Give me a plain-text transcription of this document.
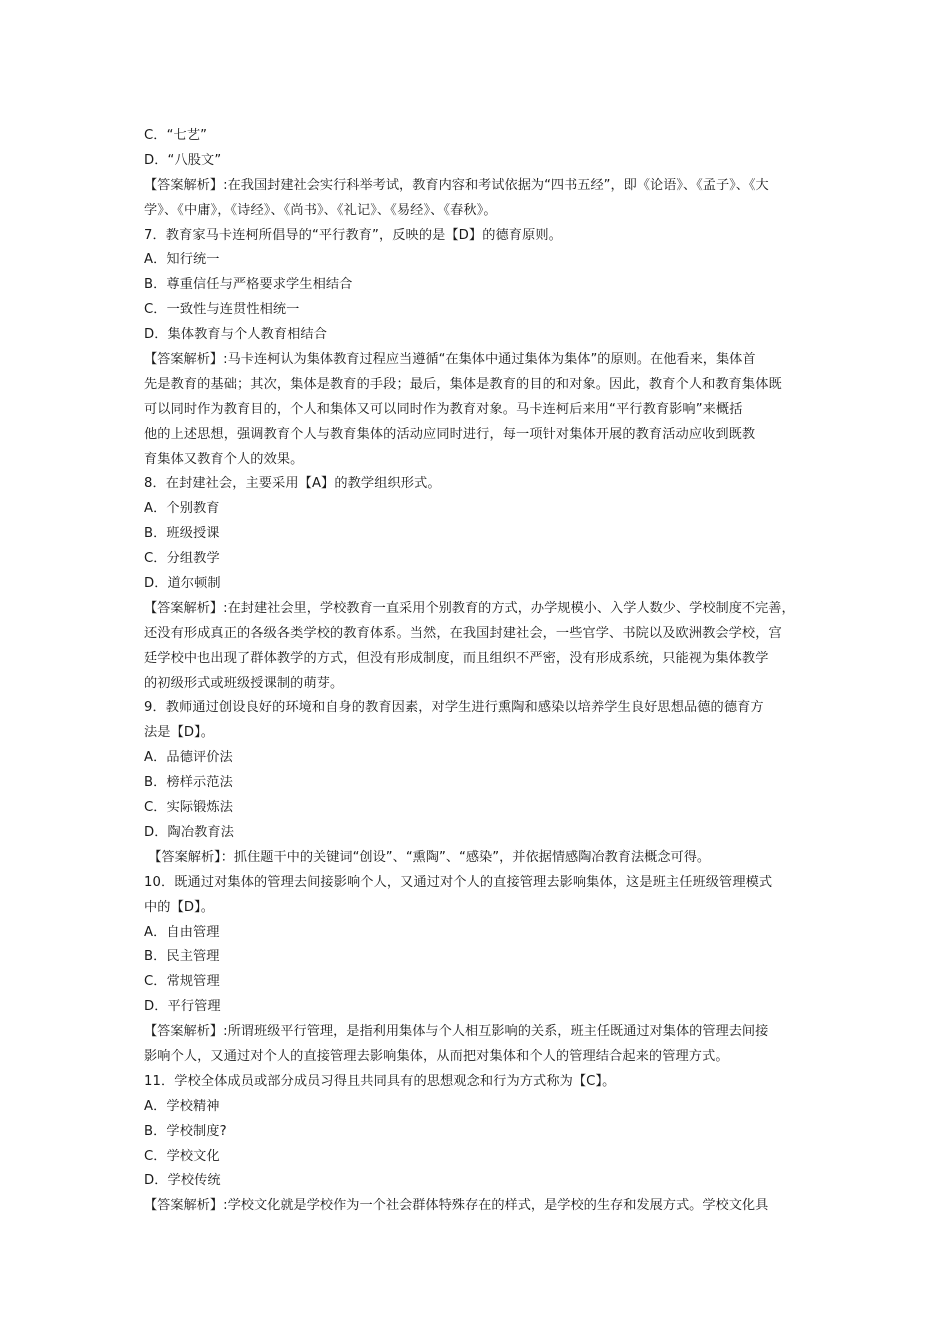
C．“七艺”
D．“八股文”
【答案解析】:在我国封建社会实行科举考试，教育内容和考试依据为“四书五经”，即《论语》、《孟子》、《大
学》、《中庸》，《诗经》、《尚书》、《礼记》、《易经》、《春秋》。
7．教育家马卡连柯所倡导的“平行教育”，反映的是【D】的德育原则。
A．知行统一
B．尊重信任与严格要求学生相结合
C．一致性与连贯性相统一
D．集体教育与个人教育相结合
【答案解析】:马卡连柯认为集体教育过程应当遵循“在集体中通过集体为集体”的原则。在他看来，集体首
先是教育的基础；其次，集体是教育的手段；最后，集体是教育的目的和对象。因此，教育个人和教育集体既
可以同时作为教育目的，个人和集体又可以同时作为教育对象。马卡连柯后来用“平行教育影响”来概括
他的上述思想，强调教育个人与教育集体的活动应同时进行，每一项针对集体开展的教育活动应收到既教
育集体又教育个人的效果。
8．在封建社会，主要采用【A】的教学组织形式。
A．个别教育
B．班级授课
C．分组教学
D．道尔顿制
【答案解析】:在封建社会里，学校教育一直采用个别教育的方式，办学规模小、入学人数少、学校制度不完善，
还没有形成真正的各级各类学校的教育体系。当然，在我国封建社会，一些官学、书院以及欧洲教会学校，宫
廷学校中也出现了群体教学的方式，但没有形成制度，而且组织不严密，没有形成系统，只能视为集体教学
的初级形式或班级授课制的萌芽。
9．教师通过创设良好的环境和自身的教育因素，对学生进行熏陶和感染以培养学生良好思想品德的德育方
法是【D】。
A．品德评价法
B．榜样示范法
C．实际锻炼法
D．陶冶教育法
【答案解析】：抓住题干中的关键词“创设”、“熏陶”、“感染”，并依据情感陶冶教育法概念可得。
10．既通过对集体的管理去间接影响个人，又通过对个人的直接管理去影响集体，这是班主任班级管理模式
中的【D】。
A．自由管理
B．民主管理
C．常规管理
D．平行管理
【答案解析】:所谓班级平行管理，是指利用集体与个人相互影响的关系，班主任既通过对集体的管理去间接
影响个人，又通过对个人的直接管理去影响集体，从而把对集体和个人的管理结合起来的管理方式。
11．学校全体成员或部分成员习得且共同具有的思想观念和行为方式称为【C】。
A．学校精神
B．学校制度?
C．学校文化
D．学校传统
【答案解析】:学校文化就是学校作为一个社会群体特殊存在的样式，是学校的生存和发展方式。学校文化具
